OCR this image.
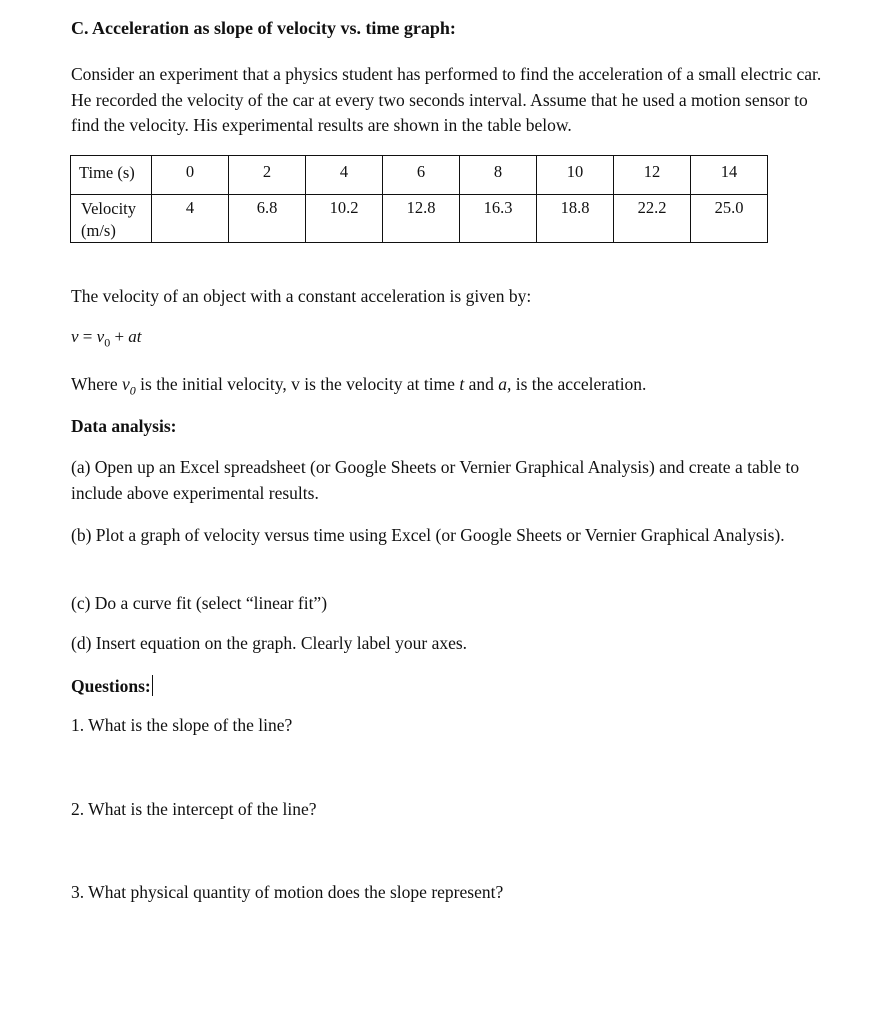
C. Acceleration as slope of velocity vs. time graph:
Consider an experiment that a physics student has performed to find the acceleration of a small electric car. He recorded the velocity of the car at every two seconds interval. Assume that he used a motion sensor to find the velocity. His experimental results are shown in the table below.
Time (s)	0	2	4	6	8	10	12	14
Velocity (m/s)	4	6.8	10.2	12.8	16.3	18.8	22.2	25.0
The velocity of an object with a constant acceleration is given by:
$v = v_0$ + at
Where $v_0$ is the initial velocity, v is the velocity at time t and a, is the acceleration.
Data analysis:
(a) Open up an Excel spreadsheet (or Google Sheets or Vernier Graphical Analysis) and create a table to include above experimental results.
(b) Plot a graph of velocity versus time using Excel (or Google Sheets or Vernier Graphical Analysis).
(c) Do a curve fit (select “linear fit”)
(d) Insert equation on the graph. Clearly label your axes.
Questions:
1. What is the slope of the line?
2. What is the intercept of the line?
3. What physical quantity of motion does the slope represent?
